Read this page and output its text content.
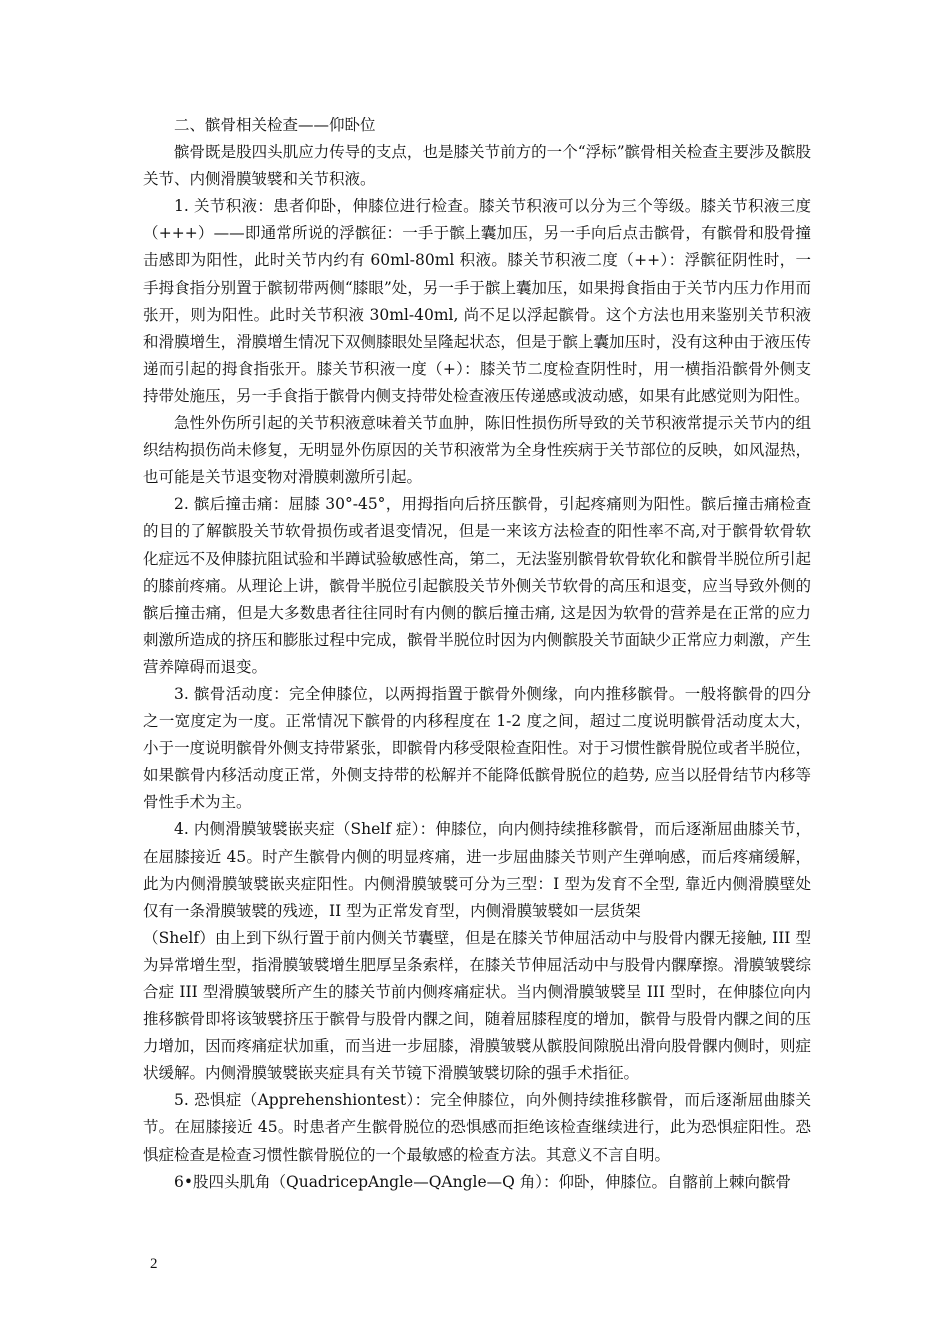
二、髌骨相关检查——仰卧位

髌骨既是股四头肌应力传导的支点，也是膝关节前方的一个“浮标”髌骨相关检查主要涉及髌股关节、内侧滑膜皱襞和关节积液。

1. 关节积液：患者仰卧，伸膝位进行检查。膝关节积液可以分为三个等级。膝关节积液三度（+++）——即通常所说的浮髌征：一手于髌上囊加压，另一手向后点击髌骨，有髌骨和股骨撞击感即为阳性，此时关节内约有 60ml-80ml 积液。膝关节积液二度（++）：浮髌征阴性时，一手拇食指分别置于髌韧带两侧“膝眼”处，另一手于髌上囊加压，如果拇食指由于关节内压力作用而张开，则为阳性。此时关节积液 30ml-40ml, 尚不足以浮起髌骨。这个方法也用来鉴别关节积液和滑膜增生，滑膜增生情况下双侧膝眼处呈隆起状态，但是于髌上囊加压时，没有这种由于液压传递而引起的拇食指张开。膝关节积液一度（+）：膝关节二度检查阴性时，用一横指沿髌骨外侧支持带处施压，另一手食指于髌骨内侧支持带处检查液压传递感或波动感，如果有此感觉则为阳性。

急性外伤所引起的关节积液意味着关节血肿，陈旧性损伤所导致的关节积液常提示关节内的组织结构损伤尚未修复，无明显外伤原因的关节积液常为全身性疾病于关节部位的反映，如风湿热，也可能是关节退变物对滑膜刺激所引起。

2. 髌后撞击痛：屈膝 30°-45°，用拇指向后挤压髌骨，引起疼痛则为阳性。髌后撞击痛检查的目的了解髌股关节软骨损伤或者退变情况，但是一来该方法检查的阳性率不高,对于髌骨软骨软化症远不及伸膝抗阻试验和半蹲试验敏感性高，第二，无法鉴别髌骨软骨软化和髌骨半脱位所引起的膝前疼痛。从理论上讲，髌骨半脱位引起髌股关节外侧关节软骨的高压和退变，应当导致外侧的髌后撞击痛，但是大多数患者往往同时有内侧的髌后撞击痛, 这是因为软骨的营养是在正常的应力刺激所造成的挤压和膨胀过程中完成，髌骨半脱位时因为内侧髌股关节面缺少正常应力刺激，产生营养障碍而退变。

3. 髌骨活动度：完全伸膝位，以两拇指置于髌骨外侧缘，向内推移髌骨。一般将髌骨的四分之一宽度定为一度。正常情况下髌骨的内移程度在 1-2 度之间，超过二度说明髌骨活动度太大，小于一度说明髌骨外侧支持带紧张，即髌骨内移受限检查阳性。对于习惯性髌骨脱位或者半脱位，如果髌骨内移活动度正常，外侧支持带的松解并不能降低髌骨脱位的趋势, 应当以胫骨结节内移等骨性手术为主。

4. 内侧滑膜皱襞嵌夹症（Shelf 症）：伸膝位，向内侧持续推移髌骨，而后逐渐屈曲膝关节，在屈膝接近 45。时产生髌骨内侧的明显疼痛，进一步屈曲膝关节则产生弹响感，而后疼痛缓解，此为内侧滑膜皱襞嵌夹症阳性。内侧滑膜皱襞可分为三型：I 型为发育不全型, 靠近内侧滑膜壁处仅有一条滑膜皱襞的残迹，II 型为正常发育型，内侧滑膜皱襞如一层货架

（Shelf）由上到下纵行置于前内侧关节囊壁，但是在膝关节伸屈活动中与股骨内髁无接触, III 型为异常增生型，指滑膜皱襞增生肥厚呈条索样，在膝关节伸屈活动中与股骨内髁摩擦。滑膜皱襞综合症 III 型滑膜皱襞所产生的膝关节前内侧疼痛症状。当内侧滑膜皱襞呈 III 型时，在伸膝位向内推移髌骨即将该皱襞挤压于髌骨与股骨内髁之间，随着屈膝程度的增加，髌骨与股骨内髁之间的压力增加，因而疼痛症状加重，而当进一步屈膝，滑膜皱襞从髌股间隙脱出滑向股骨髁内侧时，则症状缓解。内侧滑膜皱襞嵌夹症具有关节镜下滑膜皱襞切除的强手术指征。

5. 恐惧症（Apprehenshiontest）：完全伸膝位，向外侧持续推移髌骨，而后逐渐屈曲膝关节。在屈膝接近 45。时患者产生髌骨脱位的恐惧感而拒绝该检查继续进行，此为恐惧症阳性。恐惧症检查是检查习惯性髌骨脱位的一个最敏感的检查方法。其意义不言自明。

6•股四头肌角（QuadricepAngle—QAngle—Q 角）：仰卧，伸膝位。自髂前上棘向髌骨

2
